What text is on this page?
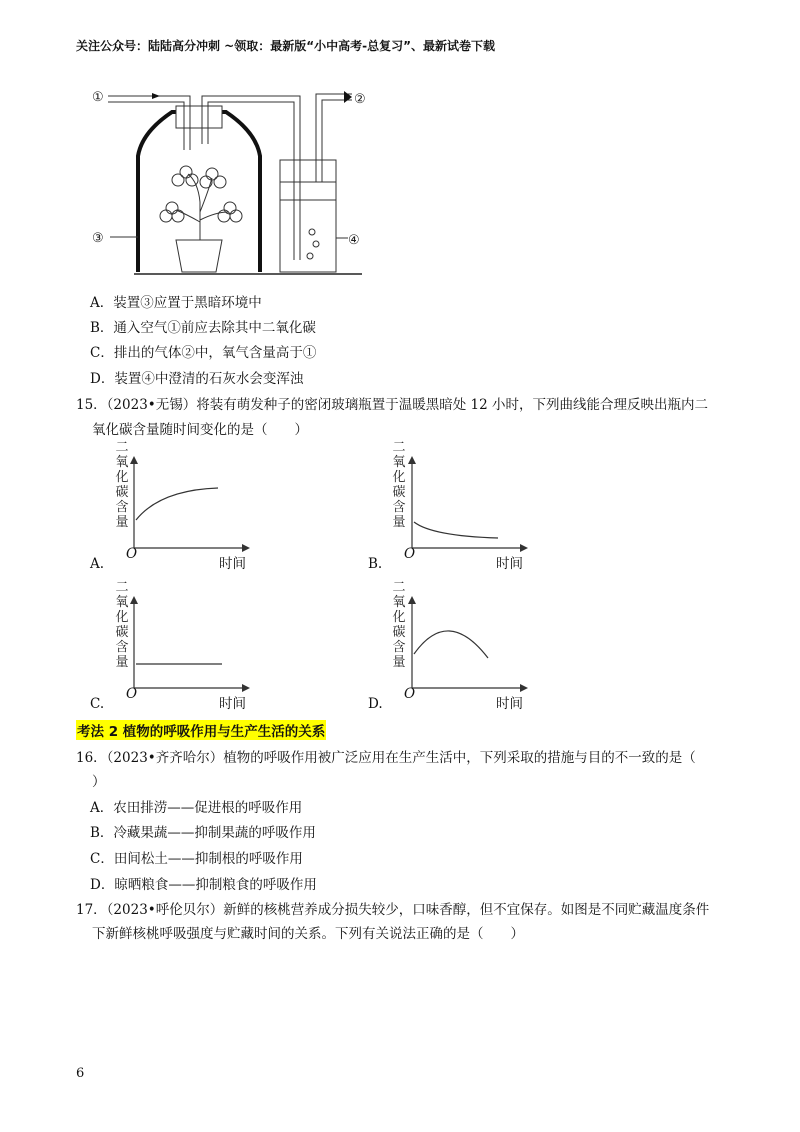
关注公众号：陆陆高分冲刺 ~领取：最新版“小中高考-总复习”、最新试卷下载
①	②
③	④
A．装置③应置于黑暗环境中
B．通入空气①前应去除其中二氧化碳
C．排出的气体②中，氧气含量高于①
D．装置④中澄清的石灰水会变浑浊
15．（2023•无锡）将装有萌发种子的密闭玻璃瓶置于温暖黑暗处 12 小时，下列曲线能合理反映出瓶内二
氧化碳含量随时间变化的是（　　）
二氧化碳含量
O
时间
A.
二氧化碳含量
O
时间
B.
二氧化碳含量
O
时间
C.
二氧化碳含量
O
时间
D.
考法 2 植物的呼吸作用与生产生活的关系
16．（2023•齐齐哈尔）植物的呼吸作用被广泛应用在生产生活中，下列采取的措施与目的不一致的是（
）
A．农田排涝——促进根的呼吸作用
B．冷藏果蔬——抑制果蔬的呼吸作用
C．田间松土——抑制根的呼吸作用
D．晾晒粮食——抑制粮食的呼吸作用
17．（2023•呼伦贝尔）新鲜的核桃营养成分损失较少，口味香醇，但不宜保存。如图是不同贮藏温度条件
下新鲜核桃呼吸强度与贮藏时间的关系。下列有关说法正确的是（　　）
6
